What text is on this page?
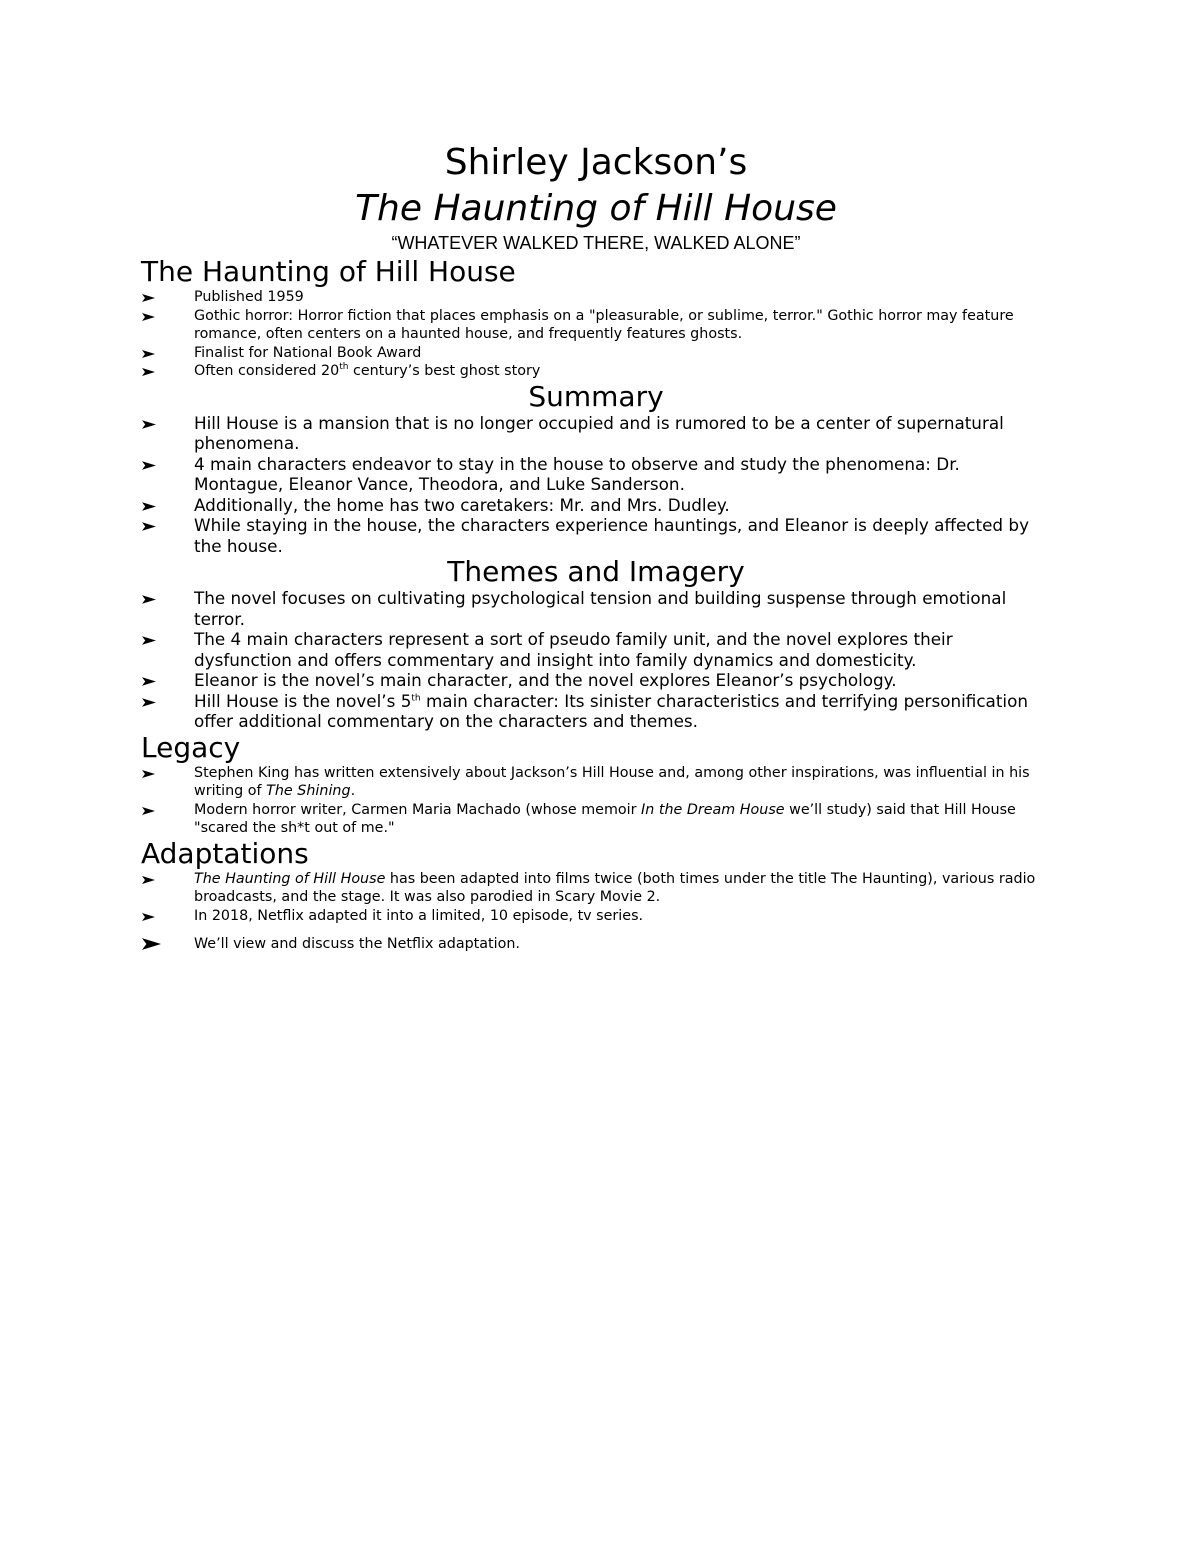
Shirley Jackson’s
The Haunting of Hill House

“WHATEVER WALKED THERE, WALKED ALONE”

The Haunting of Hill House
Published 1959
Gothic horror: Horror fiction that places emphasis on a "pleasurable, or sublime, terror." Gothic horror may feature romance, often centers on a haunted house, and frequently features ghosts.
Finalist for National Book Award
Often considered 20th century’s best ghost story
Summary
Hill House is a mansion that is no longer occupied and is rumored to be a center of supernatural phenomena.
4 main characters endeavor to stay in the house to observe and study the phenomena: Dr. Montague, Eleanor Vance, Theodora, and Luke Sanderson.
Additionally, the home has two caretakers: Mr. and Mrs. Dudley.
While staying in the house, the characters experience hauntings, and Eleanor is deeply affected by the house.
Themes and Imagery
The novel focuses on cultivating psychological tension and building suspense through emotional terror.
The 4 main characters represent a sort of pseudo family unit, and the novel explores their dysfunction and offers commentary and insight into family dynamics and domesticity.
Eleanor is the novel’s main character, and the novel explores Eleanor’s psychology.
Hill House is the novel’s 5th main character: Its sinister characteristics and terrifying personification offer additional commentary on the characters and themes.
Legacy
Stephen King has written extensively about Jackson’s Hill House and, among other inspirations, was influential in his writing of The Shining.
Modern horror writer, Carmen Maria Machado (whose memoir In the Dream House we’ll study) said that Hill House "scared the sh*t out of me."
Adaptations
The Haunting of Hill House has been adapted into films twice (both times under the title The Haunting), various radio broadcasts, and the stage. It was also parodied in Scary Movie 2.
In 2018, Netflix adapted it into a limited, 10 episode, tv series.
We’ll view and discuss the Netflix adaptation.
